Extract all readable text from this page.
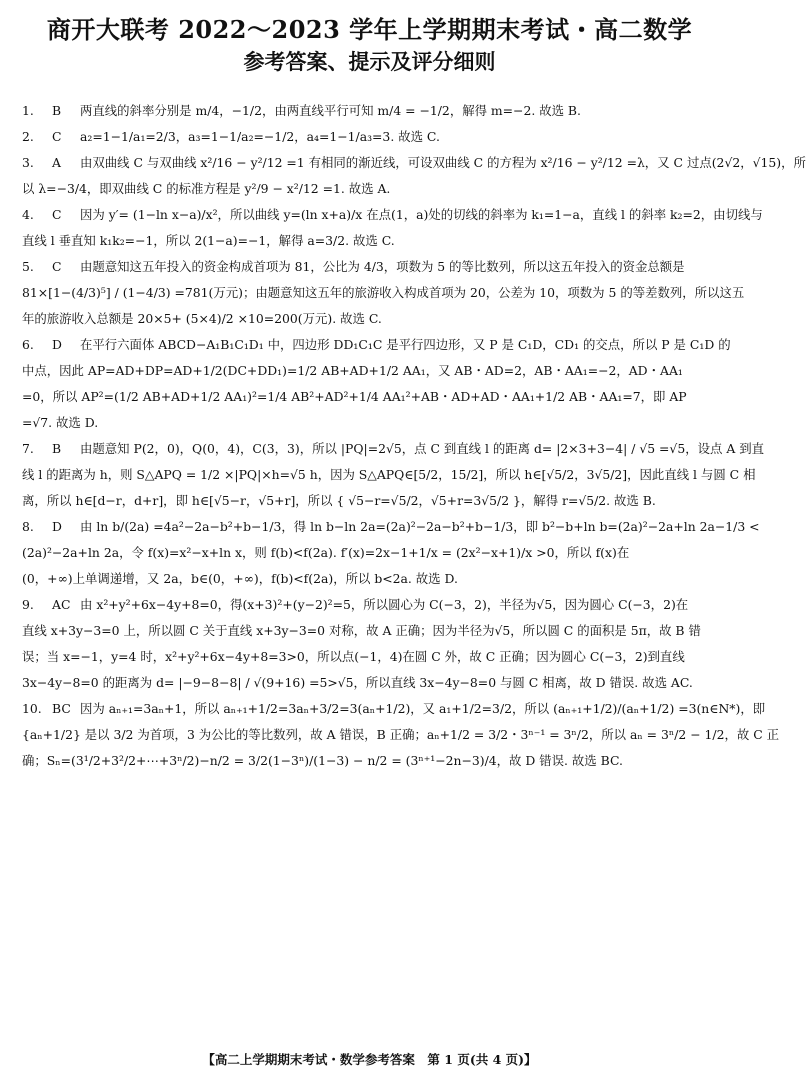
商开大联考 2022～2023 学年上学期期末考试・高二数学
参考答案、提示及评分细则
1. B 两直线的斜率分别是 m/4，−1/2，由两直线平行可知 m/4 = −1/2，解得 m=−2. 故选 B.
2. C a₂=1−1/a₁=2/3，a₃=1−1/a₂=−1/2，a₄=1−1/a₃=3. 故选 C.
3. A 由双曲线 C 与双曲线 x²/16 − y²/12 =1 有相同的渐近线，可设双曲线 C 的方程为 x²/16 − y²/12 =λ，又 C 过点(2√2，√15)，所
以 λ=−3/4，即双曲线 C 的标准方程是 y²/9 − x²/12 =1. 故选 A.
4. C 因为 y′= (1−ln x−a)/x²，所以曲线 y=(ln x+a)/x 在点(1，a)处的切线的斜率为 k₁=1−a，直线 l 的斜率 k₂=2，由切线与
直线 l 垂直知 k₁k₂=−1，所以 2(1−a)=−1，解得 a=3/2. 故选 C.
5. C 由题意知这五年投入的资金构成首项为 81，公比为 4/3，项数为 5 的等比数列，所以这五年投入的资金总额是
81×[1−(4/3)⁵] / (1−4/3) =781(万元)；由题意知这五年的旅游收入构成首项为 20，公差为 10，项数为 5 的等差数列，所以这五
年的旅游收入总额是 20×5+ (5×4)/2 ×10=200(万元). 故选 C.
6. D 在平行六面体 ABCD−A₁B₁C₁D₁ 中，四边形 DD₁C₁C 是平行四边形，又 P 是 C₁D，CD₁ 的交点，所以 P 是 C₁D 的
中点，因此 AP=AD+DP=AD+1/2(DC+DD₁)=1/2 AB+AD+1/2 AA₁，又 AB・AD=2，AB・AA₁=−2，AD・AA₁
=0，所以 AP²=(1/2 AB+AD+1/2 AA₁)²=1/4 AB²+AD²+1/4 AA₁²+AB・AD+AD・AA₁+1/2 AB・AA₁=7，即 AP
=√7. 故选 D.
7. B 由题意知 P(2，0)，Q(0，4)，C(3，3)，所以 |PQ|=2√5，点 C 到直线 l 的距离 d= |2×3+3−4| / √5 =√5，设点 A 到直
线 l 的距离为 h，则 S△APQ = 1/2 ×|PQ|×h=√5 h，因为 S△APQ∈[5/2，15/2]，所以 h∈[√5/2，3√5/2]，因此直线 l 与圆 C 相
离，所以 h∈[d−r，d+r]，即 h∈[√5−r，√5+r]，所以 { √5−r=√5/2，√5+r=3√5/2 }，解得 r=√5/2. 故选 B.
8. D 由 ln b/(2a) =4a²−2a−b²+b−1/3，得 ln b−ln 2a=(2a)²−2a−b²+b−1/3，即 b²−b+ln b=(2a)²−2a+ln 2a−1/3 <
(2a)²−2a+ln 2a，令 f(x)=x²−x+ln x，则 f(b)<f(2a). f′(x)=2x−1+1/x = (2x²−x+1)/x >0，所以 f(x)在
(0，+∞)上单调递增，又 2a，b∈(0，+∞)，f(b)<f(2a)，所以 b<2a. 故选 D.
9. AC 由 x²+y²+6x−4y+8=0，得(x+3)²+(y−2)²=5，所以圆心为 C(−3，2)，半径为√5，因为圆心 C(−3，2)在
直线 x+3y−3=0 上，所以圆 C 关于直线 x+3y−3=0 对称，故 A 正确；因为半径为√5，所以圆 C 的面积是 5π，故 B 错
误；当 x=−1，y=4 时，x²+y²+6x−4y+8=3>0，所以点(−1，4)在圆 C 外，故 C 正确；因为圆心 C(−3，2)到直线
3x−4y−8=0 的距离为 d= |−9−8−8| / √(9+16) =5>√5，所以直线 3x−4y−8=0 与圆 C 相离，故 D 错误. 故选 AC.
10. BC 因为 aₙ₊₁=3aₙ+1，所以 aₙ₊₁+1/2=3aₙ+3/2=3(aₙ+1/2)，又 a₁+1/2=3/2，所以 (aₙ₊₁+1/2)/(aₙ+1/2) =3(n∈N*)，即
{aₙ+1/2} 是以 3/2 为首项，3 为公比的等比数列，故 A 错误，B 正确；aₙ+1/2 = 3/2・3ⁿ⁻¹ = 3ⁿ/2，所以 aₙ = 3ⁿ/2 − 1/2，故 C 正
确；Sₙ=(3¹/2+3²/2+⋯+3ⁿ/2)−n/2 = 3/2(1−3ⁿ)/(1−3) − n/2 = (3ⁿ⁺¹−2n−3)/4，故 D 错误. 故选 BC.
【高二上学期期末考试・数学参考答案　第 1 页(共 4 页)】
